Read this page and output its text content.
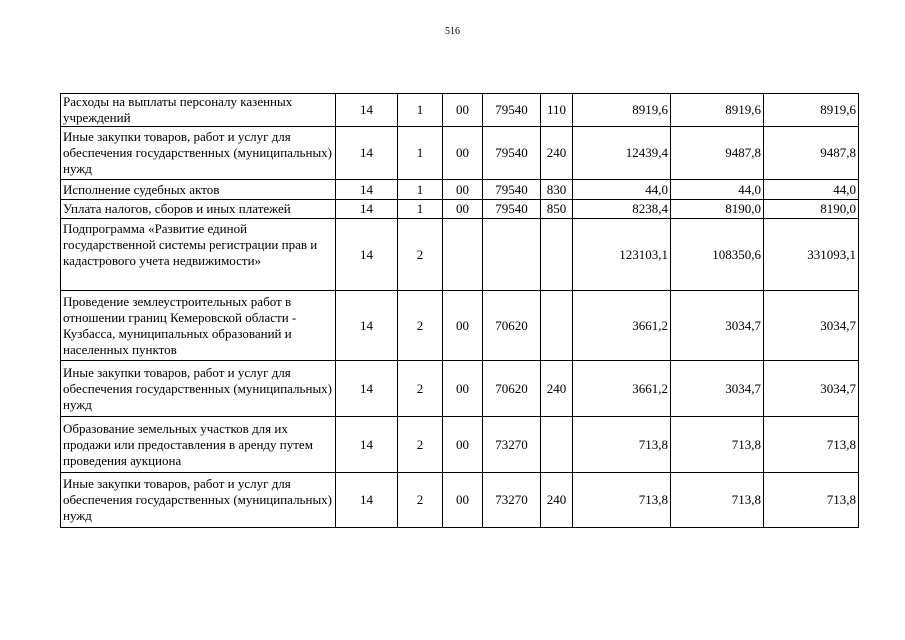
516
Расходы на выплаты персоналу казенных учреждений	14	1	00	79540	110	8919,6	8919,6	8919,6
Иные закупки товаров, работ и услуг для обеспечения государственных (муниципальных) нужд	14	1	00	79540	240	12439,4	9487,8	9487,8
Исполнение судебных актов	14	1	00	79540	830	44,0	44,0	44,0
Уплата налогов, сборов и иных платежей	14	1	00	79540	850	8238,4	8190,0	8190,0
Подпрограмма «Развитие единой государственной системы регистрации прав и кадастрового учета недвижимости»	14	2				123103,1	108350,6	331093,1
Проведение землеустроительных работ в отношении границ Кемеровской области - Кузбасса, муниципальных образований и населенных пунктов	14	2	00	70620		3661,2	3034,7	3034,7
Иные закупки товаров, работ и услуг для обеспечения государственных (муниципальных) нужд	14	2	00	70620	240	3661,2	3034,7	3034,7
Образование земельных участков для их продажи или предоставления в аренду путем проведения аукциона	14	2	00	73270		713,8	713,8	713,8
Иные закупки товаров, работ и услуг для обеспечения государственных (муниципальных) нужд	14	2	00	73270	240	713,8	713,8	713,8
